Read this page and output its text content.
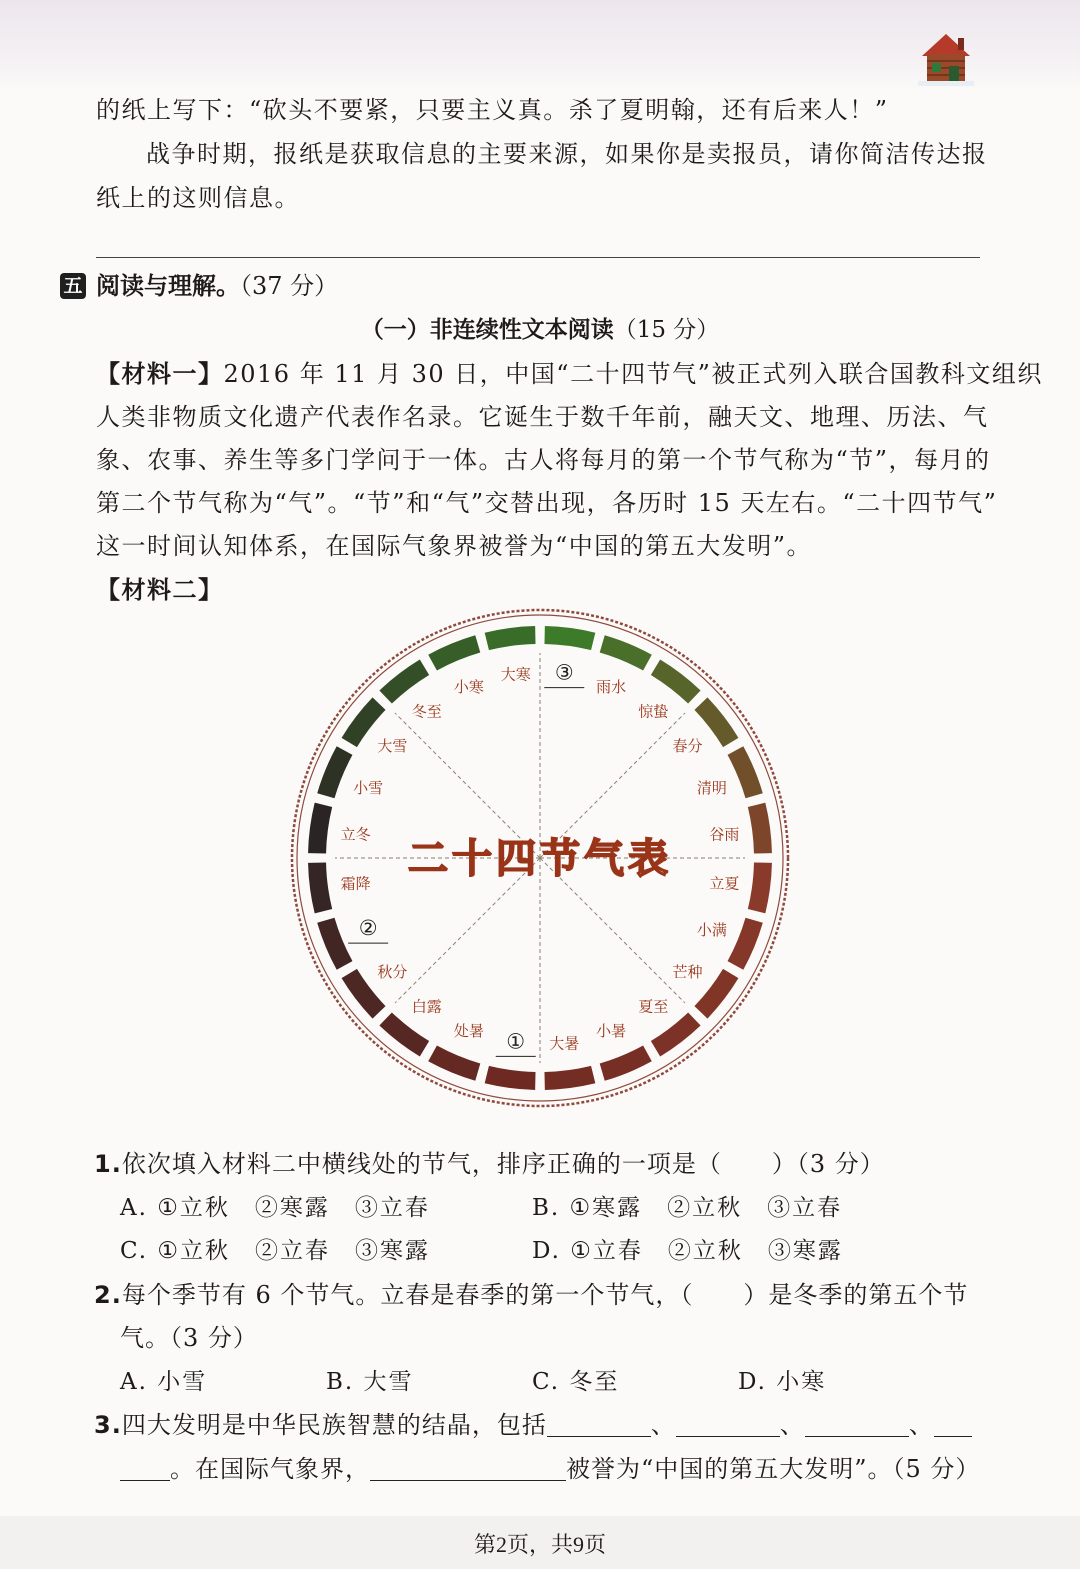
的纸上写下：“砍头不要紧，只要主义真。杀了夏明翰，还有后来人！”

战争时期，报纸是获取信息的主要来源，如果你是卖报员，请你简洁传达报

纸上的这则信息。

五 阅读与理解。（37 分）
（一）非连续性文本阅读（15 分）

【材料一】2016 年 11 月 30 日，中国“二十四节气”被正式列入联合国教科文组织

人类非物质文化遗产代表作名录。它诞生于数千年前，融天文、地理、历法、气

象、农事、养生等多门学问于一体。古人将每月的第一个节气称为“节”，每月的

第二个节气称为“气”。“节”和“气”交替出现，各历时 15 天左右。“二十四节气”

这一时间认知体系，在国际气象界被誉为“中国的第五大发明”。

【材料二】

二十四节气表
③
雨水
惊蛰
春分
清明
谷雨
立夏
小满
芒种
夏至
小暑
大暑
①
处暑
白露
秋分
②
霜降
立冬
小雪
大雪
冬至
小寒
大寒
1.依次填入材料二中横线处的节气，排序正确的一项是（　　）（3 分）
A. ①立秋　②寒露　③立春	B. ①寒露　②立秋　③立春
C. ①立秋　②立春　③寒露	D. ①立春　②立秋　③寒露
2.每个季节有 6 个节气。立春是春季的第一个节气，（　　）是冬季的第五个节
气。（3 分）
A. 小雪	B. 大雪	C. 冬至	D. 小寒
3.四大发明是中华民族智慧的结晶，包括	、	、	、
。在国际气象界，	被誉为“中国的第五大发明”。（5 分）
第2页，共9页
